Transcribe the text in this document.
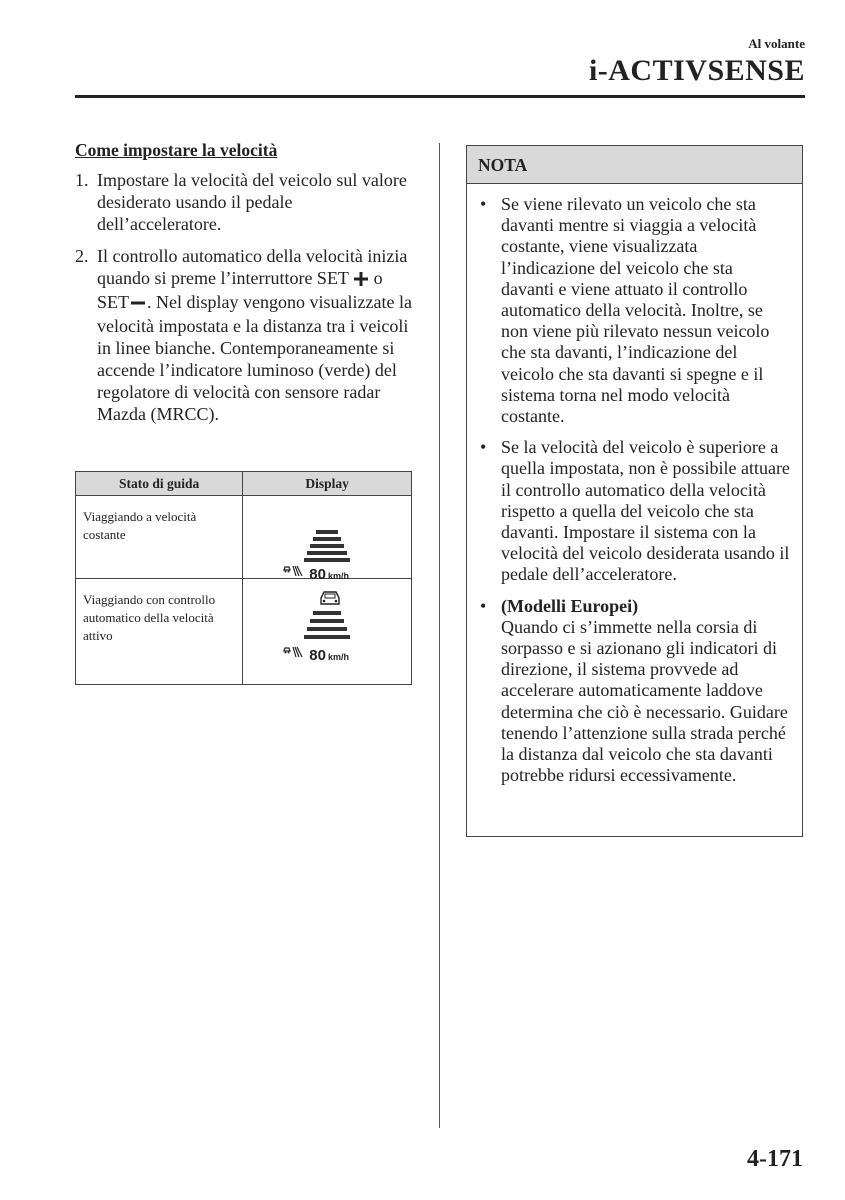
Al volante
i-ACTIVSENSE
Come impostare la velocità
1. Impostare la velocità del veicolo sul valore desiderato usando il pedale dell’acceleratore.
2. Il controllo automatico della velocità inizia quando si preme l’interruttore SET o SET . Nel display vengono visualizzate la velocità impostata e la distanza tra i veicoli in linee bianche. Contemporaneamente si accende l’indicatore luminoso (verde) del regolatore di velocità con sensore radar Mazda (MRCC).
Stato di guida	Display
Viaggiando a velocità costante	80 km/h

Viaggiando con controllo automatico della velocità attivo	80 km/h
NOTA
• Se viene rilevato un veicolo che sta davanti mentre si viaggia a velocità costante, viene visualizzata l’indicazione del veicolo che sta davanti e viene attuato il controllo automatico della velocità. Inoltre, se non viene più rilevato nessun veicolo che sta davanti, l’indicazione del veicolo che sta davanti si spegne e il sistema torna nel modo velocità costante.
• Se la velocità del veicolo è superiore a quella impostata, non è possibile attuare il controllo automatico della velocità rispetto a quella del veicolo che sta davanti. Impostare il sistema con la velocità del veicolo desiderata usando il pedale dell’acceleratore.
• (Modelli Europei)
Quando ci s’immette nella corsia di sorpasso e si azionano gli indicatori di direzione, il sistema provvede ad accelerare automaticamente laddove determina che ciò è necessario. Guidare tenendo l’attenzione sulla strada perché la distanza dal veicolo che sta davanti potrebbe ridursi eccessivamente.
4-171
